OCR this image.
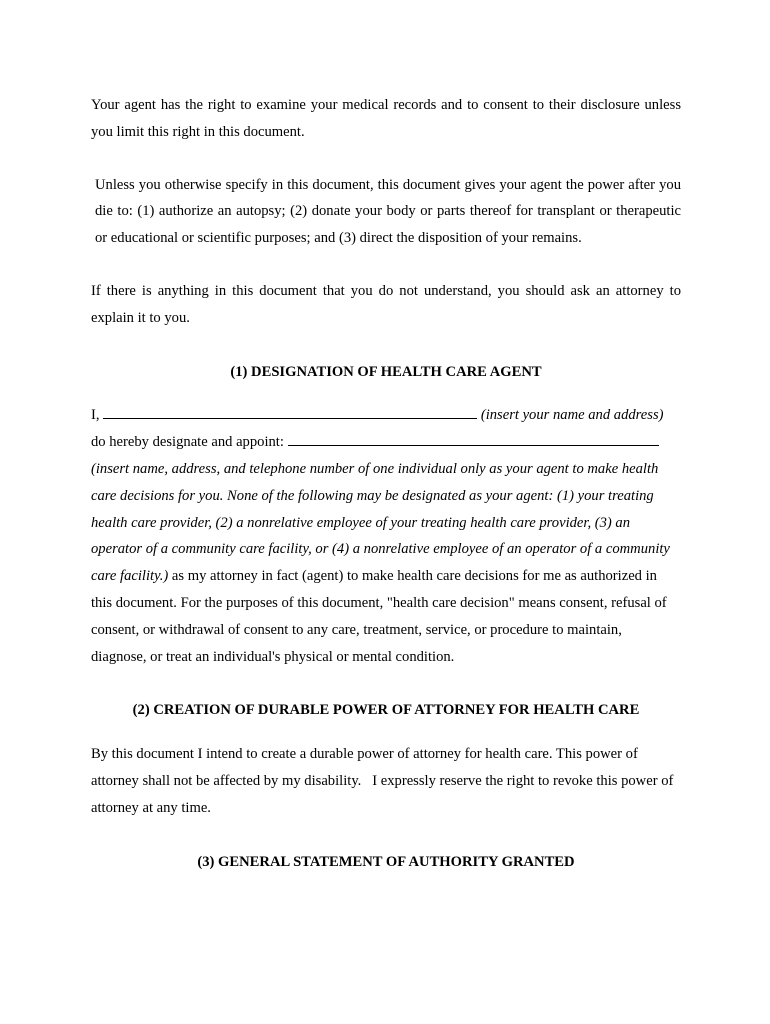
Your agent has the right to examine your medical records and to consent to their disclosure unless you limit this right in this document.

Unless you otherwise specify in this document, this document gives your agent the power after you die to: (1) authorize an autopsy; (2) donate your body or parts thereof for transplant or therapeutic or educational or scientific purposes; and (3) direct the disposition of your remains.

If there is anything in this document that you do not understand, you should ask an attorney to explain it to you.

(1) DESIGNATION OF HEALTH CARE AGENT

I,	(insert your name and address)
do hereby designate and appoint:

(insert name, address, and telephone number of one individual only as your agent to make health care decisions for you. None of the following may be designated as your agent: (1) your treating health care provider, (2) a nonrelative employee of your treating health care provider, (3) an operator of a community care facility, or (4) a nonrelative employee of an operator of a community care facility.) as my attorney in fact (agent) to make health care decisions for me as authorized in this document. For the purposes of this document, "health care decision" means consent, refusal of consent, or withdrawal of consent to any care, treatment, service, or procedure to maintain, diagnose, or treat an individual's physical or mental condition.

(2) CREATION OF DURABLE POWER OF ATTORNEY FOR HEALTH CARE

By this document I intend to create a durable power of attorney for health care. This power of attorney shall not be affected by my disability.   I expressly reserve the right to revoke this power of attorney at any time.

(3) GENERAL STATEMENT OF AUTHORITY GRANTED
